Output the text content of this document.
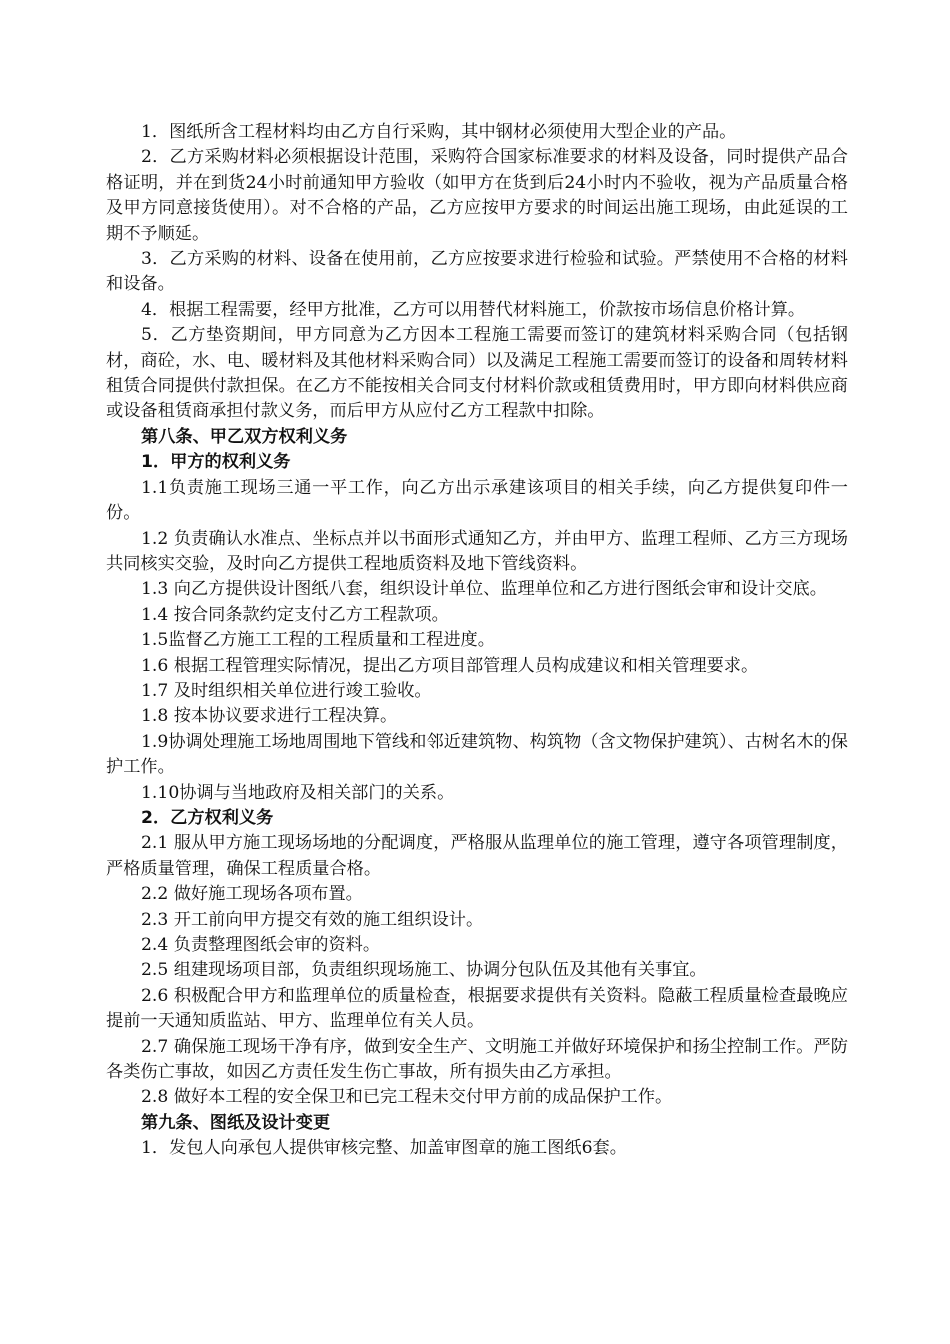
1．图纸所含工程材料均由乙方自行采购，其中钢材必须使用大型企业的产品。

2．乙方采购材料必须根据设计范围，采购符合国家标准要求的材料及设备，同时提供产品合格证明，并在到货24小时前通知甲方验收（如甲方在货到后24小时内不验收，视为产品质量合格及甲方同意接货使用）。对不合格的产品，乙方应按甲方要求的时间运出施工现场，由此延误的工期不予顺延。

3．乙方采购的材料、设备在使用前，乙方应按要求进行检验和试验。严禁使用不合格的材料和设备。

4．根据工程需要，经甲方批准，乙方可以用替代材料施工，价款按市场信息价格计算。

5．乙方垫资期间，甲方同意为乙方因本工程施工需要而签订的建筑材料采购合同（包括钢材，商砼，水、电、暖材料及其他材料采购合同）以及满足工程施工需要而签订的设备和周转材料租赁合同提供付款担保。在乙方不能按相关合同支付材料价款或租赁费用时，甲方即向材料供应商或设备租赁商承担付款义务，而后甲方从应付乙方工程款中扣除。

第八条、甲乙双方权利义务

1．甲方的权利义务

1.1负责施工现场三通一平工作，向乙方出示承建该项目的相关手续，向乙方提供复印件一份。

1.2 负责确认水准点、坐标点并以书面形式通知乙方，并由甲方、监理工程师、乙方三方现场共同核实交验，及时向乙方提供工程地质资料及地下管线资料。

1.3 向乙方提供设计图纸八套，组织设计单位、监理单位和乙方进行图纸会审和设计交底。

1.4 按合同条款约定支付乙方工程款项。

1.5监督乙方施工工程的工程质量和工程进度。

1.6 根据工程管理实际情况，提出乙方项目部管理人员构成建议和相关管理要求。

1.7 及时组织相关单位进行竣工验收。

1.8 按本协议要求进行工程决算。

1.9协调处理施工场地周围地下管线和邻近建筑物、构筑物（含文物保护建筑）、古树名木的保护工作。

1.10协调与当地政府及相关部门的关系。

2．乙方权利义务

2.1 服从甲方施工现场场地的分配调度，严格服从监理单位的施工管理，遵守各项管理制度，严格质量管理，确保工程质量合格。

2.2 做好施工现场各项布置。

2.3 开工前向甲方提交有效的施工组织设计。

2.4 负责整理图纸会审的资料。

2.5 组建现场项目部，负责组织现场施工、协调分包队伍及其他有关事宜。

2.6 积极配合甲方和监理单位的质量检查，根据要求提供有关资料。隐蔽工程质量检查最晚应提前一天通知质监站、甲方、监理单位有关人员。

2.7 确保施工现场干净有序，做到安全生产、文明施工并做好环境保护和扬尘控制工作。严防各类伤亡事故，如因乙方责任发生伤亡事故，所有损失由乙方承担。

2.8 做好本工程的安全保卫和已完工程未交付甲方前的成品保护工作。

第九条、图纸及设计变更

1．发包人向承包人提供审核完整、加盖审图章的施工图纸6套。
